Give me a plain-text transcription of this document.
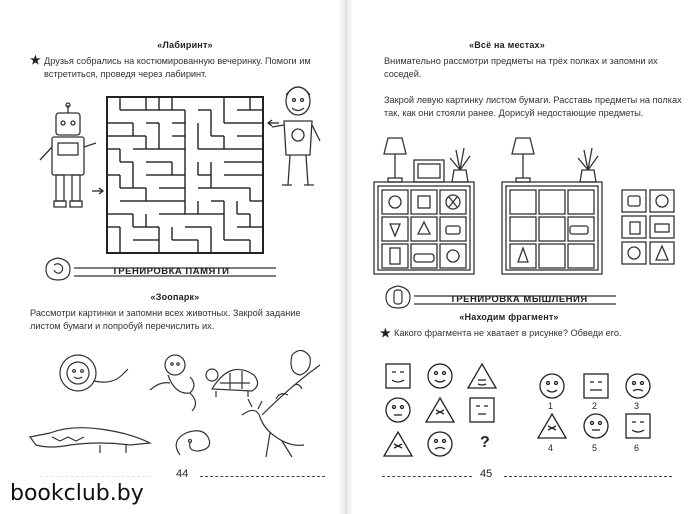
«Лабиринт»
★ Друзья собрались на костюмированную вечеринку. Помоги им встретиться, проведя через лабиринт.
ТРЕНИРОВКА ПАМЯТИ
«Зоопарк»
Рассмотри картинки и запомни всех животных. Закрой задание листом бумаги и попробуй перечислить их.
44
«Всё на местах»
Внимательно рассмотри предметы на трёх полках и запомни их соседей.
Закрой левую картинку листом бумаги. Расставь предметы на полках так, как они стояли ранее. Дорисуй недостающие предметы.
ТРЕНИРОВКА МЫШЛЕНИЯ
«Находим фрагмент»
★ Какого фрагмента не хватает в рисунке? Обведи его.
?
1	2	3
4	5	6
45
bookclub.by
